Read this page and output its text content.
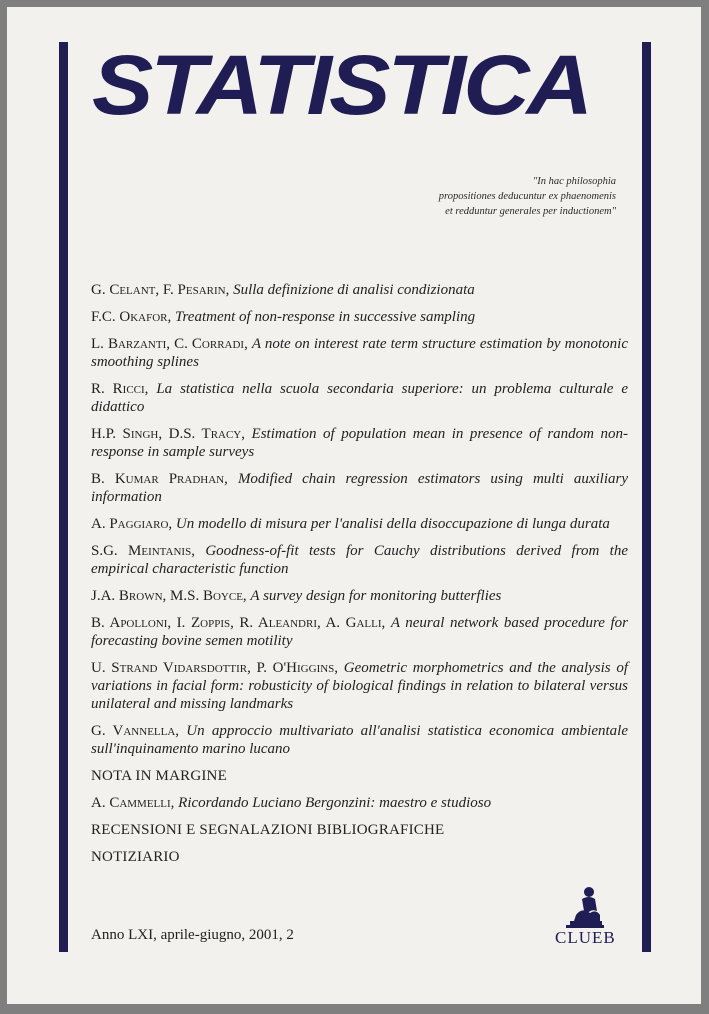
STATISTICA
"In hac philosophia
propositiones deducuntur ex phaenomenis
et redduntur generales per inductionem"
G. Celant, F. Pesarin, Sulla definizione di analisi condizionata
F.C. Okafor, Treatment of non-response in successive sampling
L. Barzanti, C. Corradi, A note on interest rate term structure estimation by monotonic smoothing splines
R. Ricci, La statistica nella scuola secondaria superiore: un problema culturale e didattico
H.P. Singh, D.S. Tracy, Estimation of population mean in presence of random non-response in sample surveys
B. Kumar Pradhan, Modified chain regression estimators using multi auxiliary information
A. Paggiaro, Un modello di misura per l'analisi della disoccupazione di lunga durata
S.G. Meintanis, Goodness-of-fit tests for Cauchy distributions derived from the empirical characteristic function
J.A. Brown, M.S. Boyce, A survey design for monitoring butterflies
B. Apolloni, I. Zoppis, R. Aleandri, A. Galli, A neural network based procedure for forecasting bovine semen motility
U. Strand Vidarsdottir, P. O'Higgins, Geometric morphometrics and the analysis of variations in facial form: robusticity of biological findings in relation to bilateral versus unilateral and missing landmarks
G. Vannella, Un approccio multivariato all'analisi statistica economica ambientale sull'inquinamento marino lucano
NOTA IN MARGINE
A. Cammelli, Ricordando Luciano Bergonzini: maestro e studioso
RECENSIONI E SEGNALAZIONI BIBLIOGRAFICHE
NOTIZIARIO
Anno LXI, aprile-giugno, 2001, 2	CLUEB
